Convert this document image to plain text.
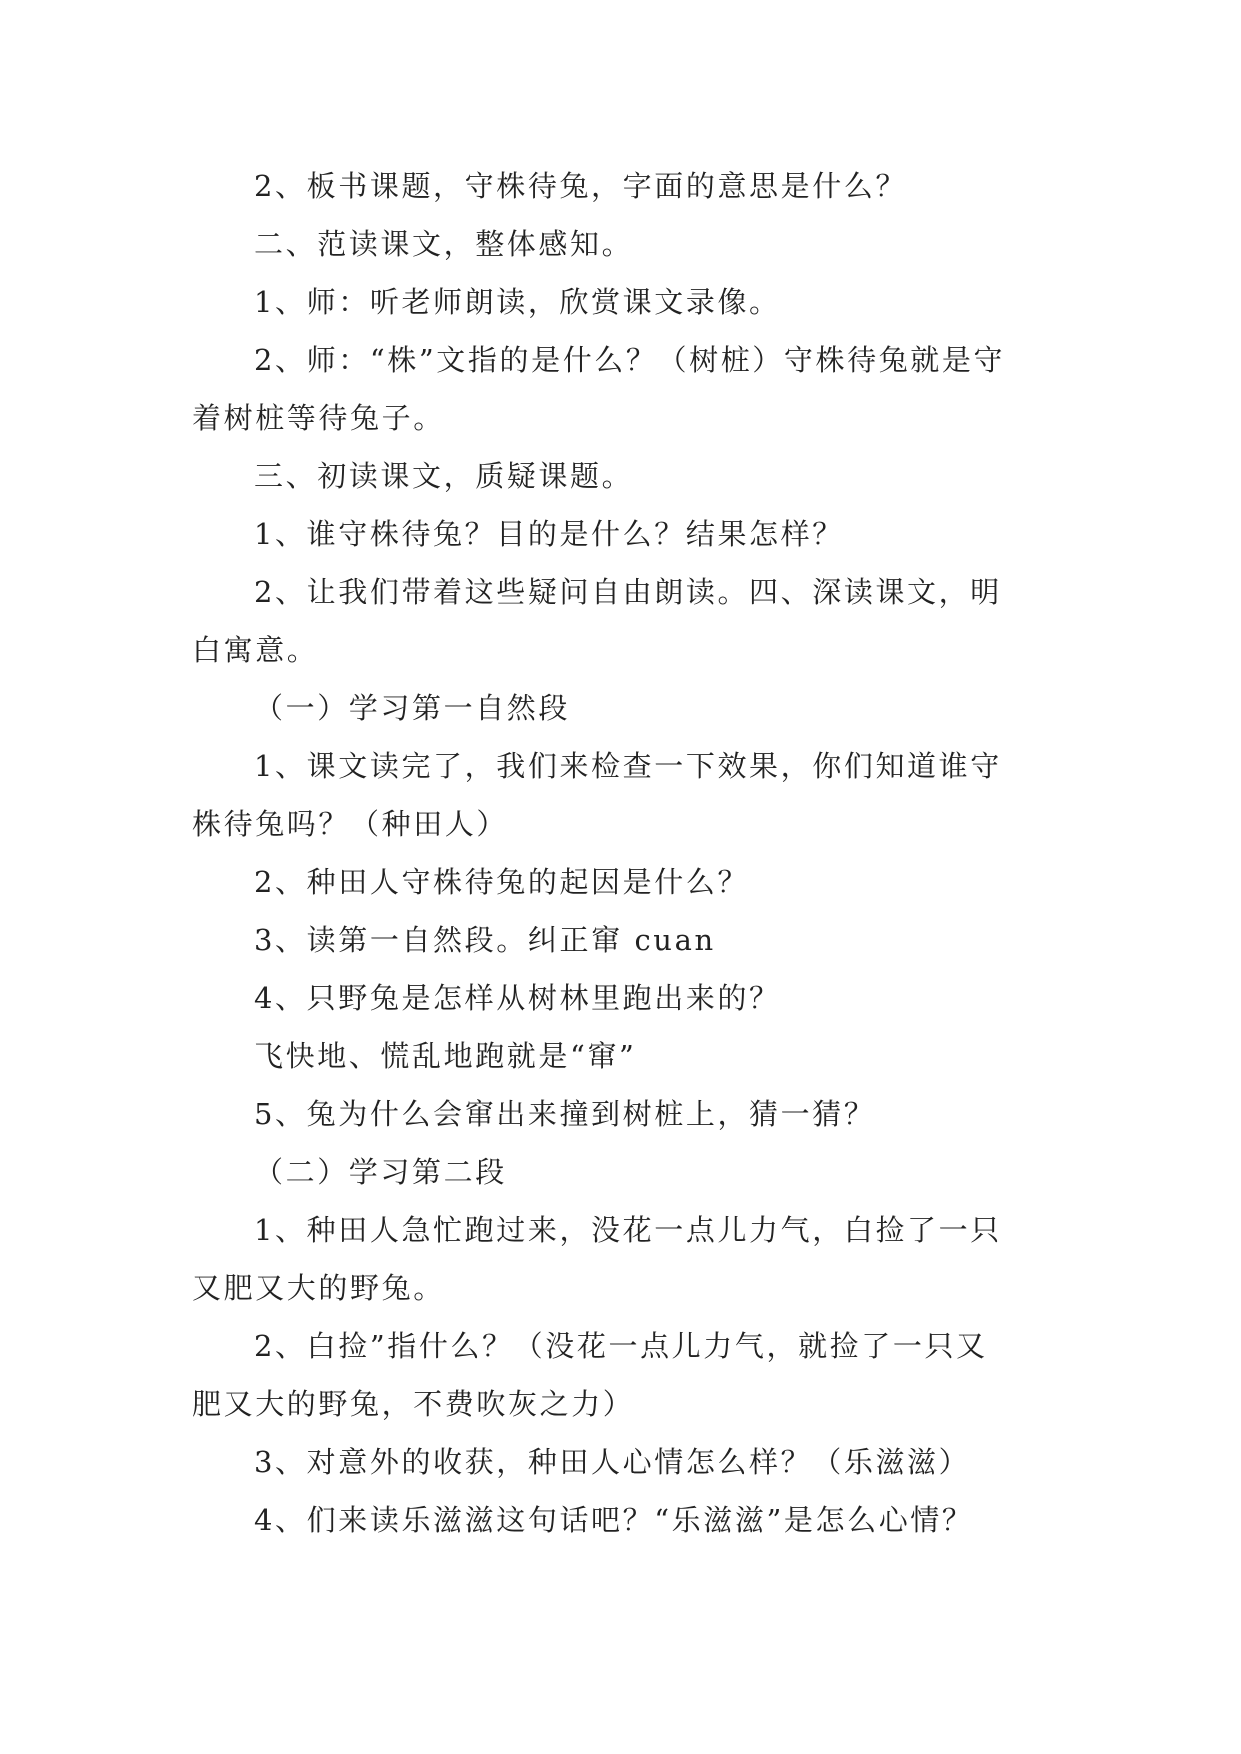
2、板书课题，守株待兔，字面的意思是什么？
二、范读课文，整体感知。
1、师：听老师朗读，欣赏课文录像。
2、师：“株”文指的是什么？（树桩）守株待兔就是守
着树桩等待兔子。
三、初读课文，质疑课题。
1、谁守株待兔？目的是什么？结果怎样？
2、让我们带着这些疑问自由朗读。四、深读课文，明
白寓意。
（一）学习第一自然段
1、课文读完了，我们来检查一下效果，你们知道谁守
株待兔吗？（种田人）
2、种田人守株待兔的起因是什么？
3、读第一自然段。纠正窜 cuan
4、只野兔是怎样从树林里跑出来的？
飞快地、慌乱地跑就是“窜”
5、兔为什么会窜出来撞到树桩上，猜一猜？
（二）学习第二段
1、种田人急忙跑过来，没花一点儿力气，白捡了一只
又肥又大的野兔。
2、白捡”指什么？（没花一点儿力气，就捡了一只又
肥又大的野兔，不费吹灰之力）
3、对意外的收获，种田人心情怎么样？（乐滋滋）
4、们来读乐滋滋这句话吧？“乐滋滋”是怎么心情？
